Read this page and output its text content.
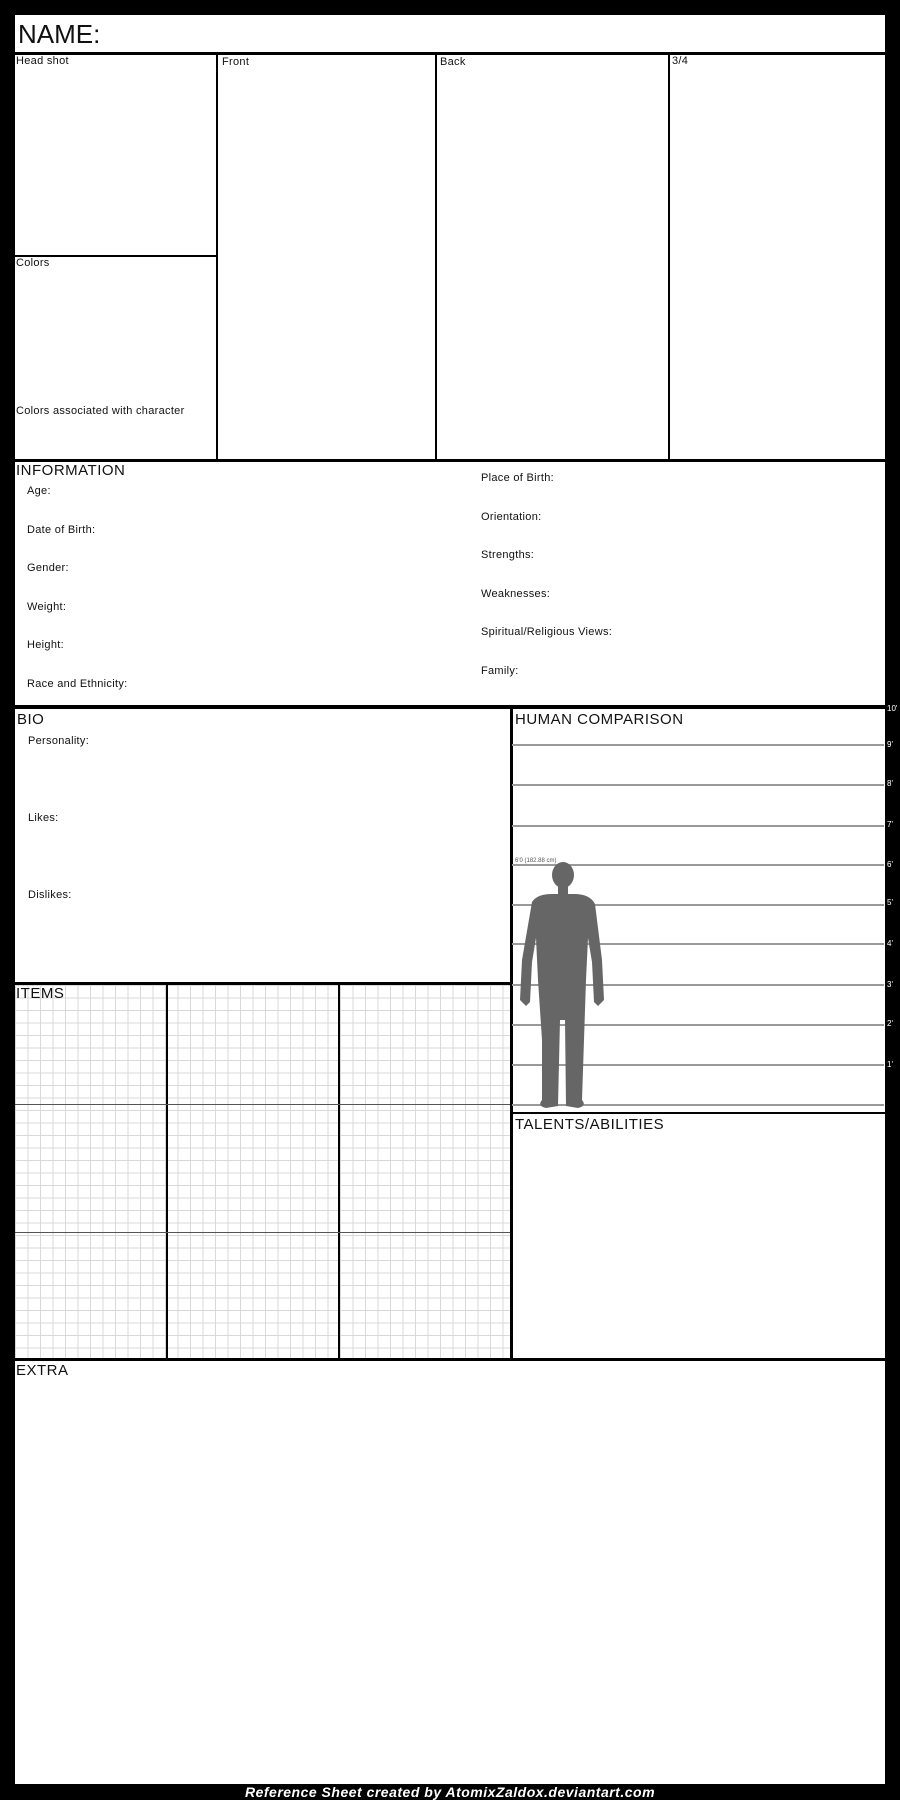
NAME:
Head shot	Front	Back	3/4
Colors
Colors associated with character
INFORMATION
Age:
Date of Birth:
Gender:
Weight:
Height:
Race and Ethnicity:
Place of Birth:
Orientation:
Strengths:
Weaknesses:
Spiritual/Religious Views:
Family:
BIO
Personality:
Likes:
Dislikes:
ITEMS
HUMAN COMPARISON
10'
9'
8'
7'
6'
5'
4'
3'
2'
1'
6'0 (182.88 cm)
TALENTS/ABILITIES
EXTRA
Reference Sheet created by AtomixZaldox.deviantart.com
